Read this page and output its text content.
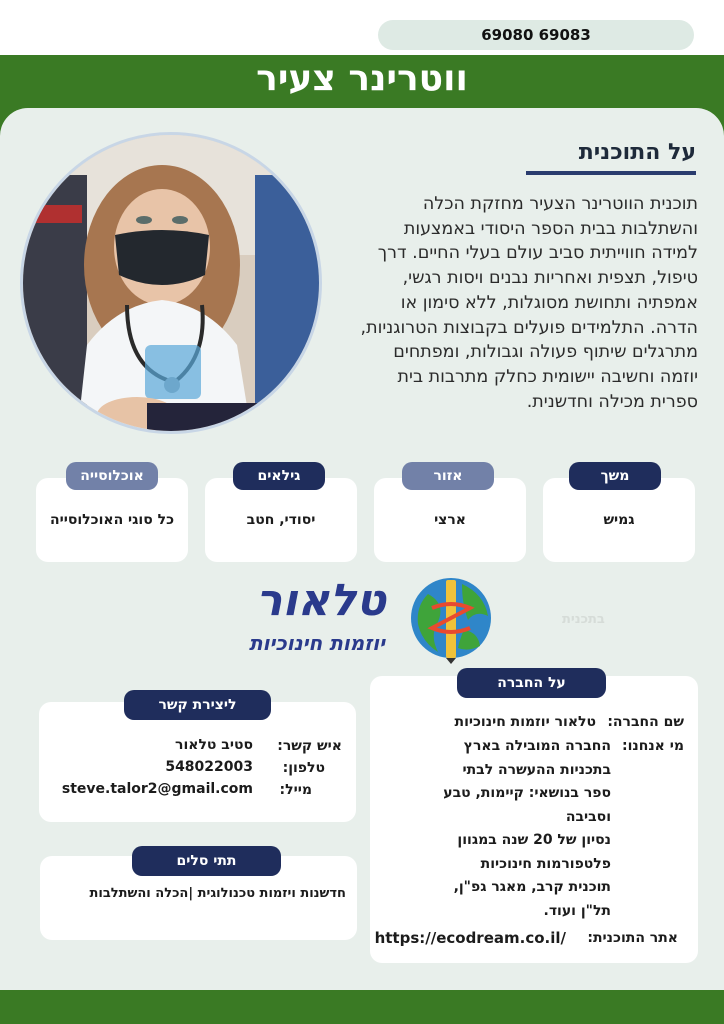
69080 69083
ווטרינר צעיר
על התוכנית
תוכנית הווטרינר הצעיר מחזקת הכלה והשתלבות בבית הספר היסודי באמצעות למידה חווייתית סביב עולם בעלי החיים. דרך טיפול, תצפית ואחריות נבנים ויסות רגשי, אמפתיה ותחושת מסוגלות, ללא סימון או הדרה. התלמידים פועלים בקבוצות הטרוגניות, מתרגלים שיתוף פעולה וגבולות, ומפתחים יוזמה וחשיבה יישומית כחלק מתרבות בית ספרית מכילה וחדשנית.
גמיש
משך
ארצי
אזור
יסודי, חטב
גילאים
כל סוגי האוכלוסייה
אוכלוסייה
בתכנית
טלאור
יוזמות חינוכיות
על החברה
שם החברה:
טלאור יוזמות חינוכיות
מי אנחנו:
החברה המובילה בארץ
בתכניות ההעשרה לבתי
ספר בנושאי: קיימות, טבע
וסביבה
נסיון של 20 שנה במגוון
פלטפורמות חינוכיות
תוכנית קרב, מאגר גפ"ן,
תל"ן ועוד.
אתר התוכנית:
https://ecodream.co.il/
ליצירת קשר
איש קשר:
סטיב טלאור
טלפון:
548022003
מייל:
steve.talor2@gmail.com
תתי סלים
חדשנות ויזמות טכנולוגית |הכלה והשתלבות
